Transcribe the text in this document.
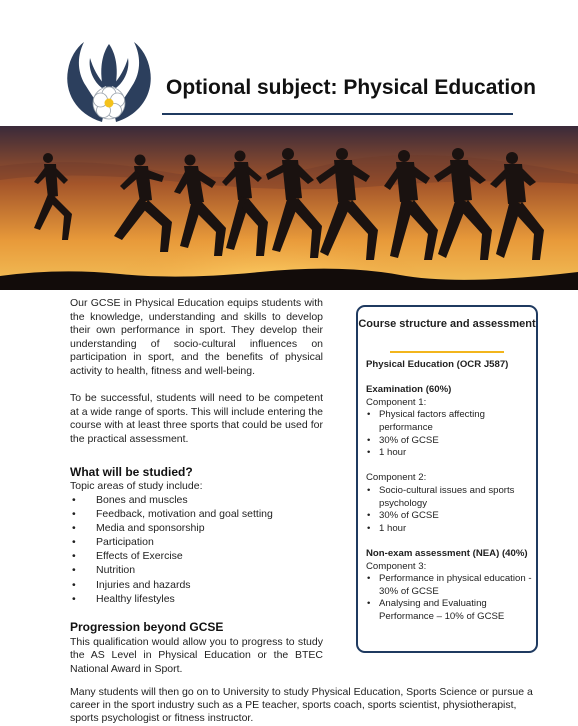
Optional subject: Physical Education

Our GCSE in Physical Education equips students with the knowledge, understanding and skills to develop their own performance in sport. They develop their understanding of socio-cultural influences on participation in sport, and the benefits of physical activity to health, fitness and well-being.

To be successful, students will need to be competent at a wide range of sports. This will include entering the course with at least three sports that could be used for the practical assessment.

What will be studied?
Topic areas of study include:
• Bones and muscles
• Feedback, motivation and goal setting
• Media and sponsorship
• Participation
• Effects of Exercise
• Nutrition
• Injuries and hazards
• Healthy lifestyles
Progression beyond GCSE
This qualification would allow you to progress to study the AS Level in Physical Education or the BTEC National Award in Sport.
Many students will then go on to University to study Physical Education, Sports Science or pursue a career in the sport industry such as a PE teacher, sports coach, sports scientist, physiotherapist, sports psychologist or fitness instructor.
Course structure and assessment
Physical Education (OCR J587)
Examination (60%)
Component 1:
• Physical factors affecting performance
• 30% of GCSE
• 1 hour
Component 2:
• Socio-cultural issues and sports psychology
• 30% of GCSE
• 1 hour
Non-exam assessment (NEA) (40%)
Component 3:
• Performance in physical education - 30% of GCSE
• Analysing and Evaluating Performance – 10% of GCSE
